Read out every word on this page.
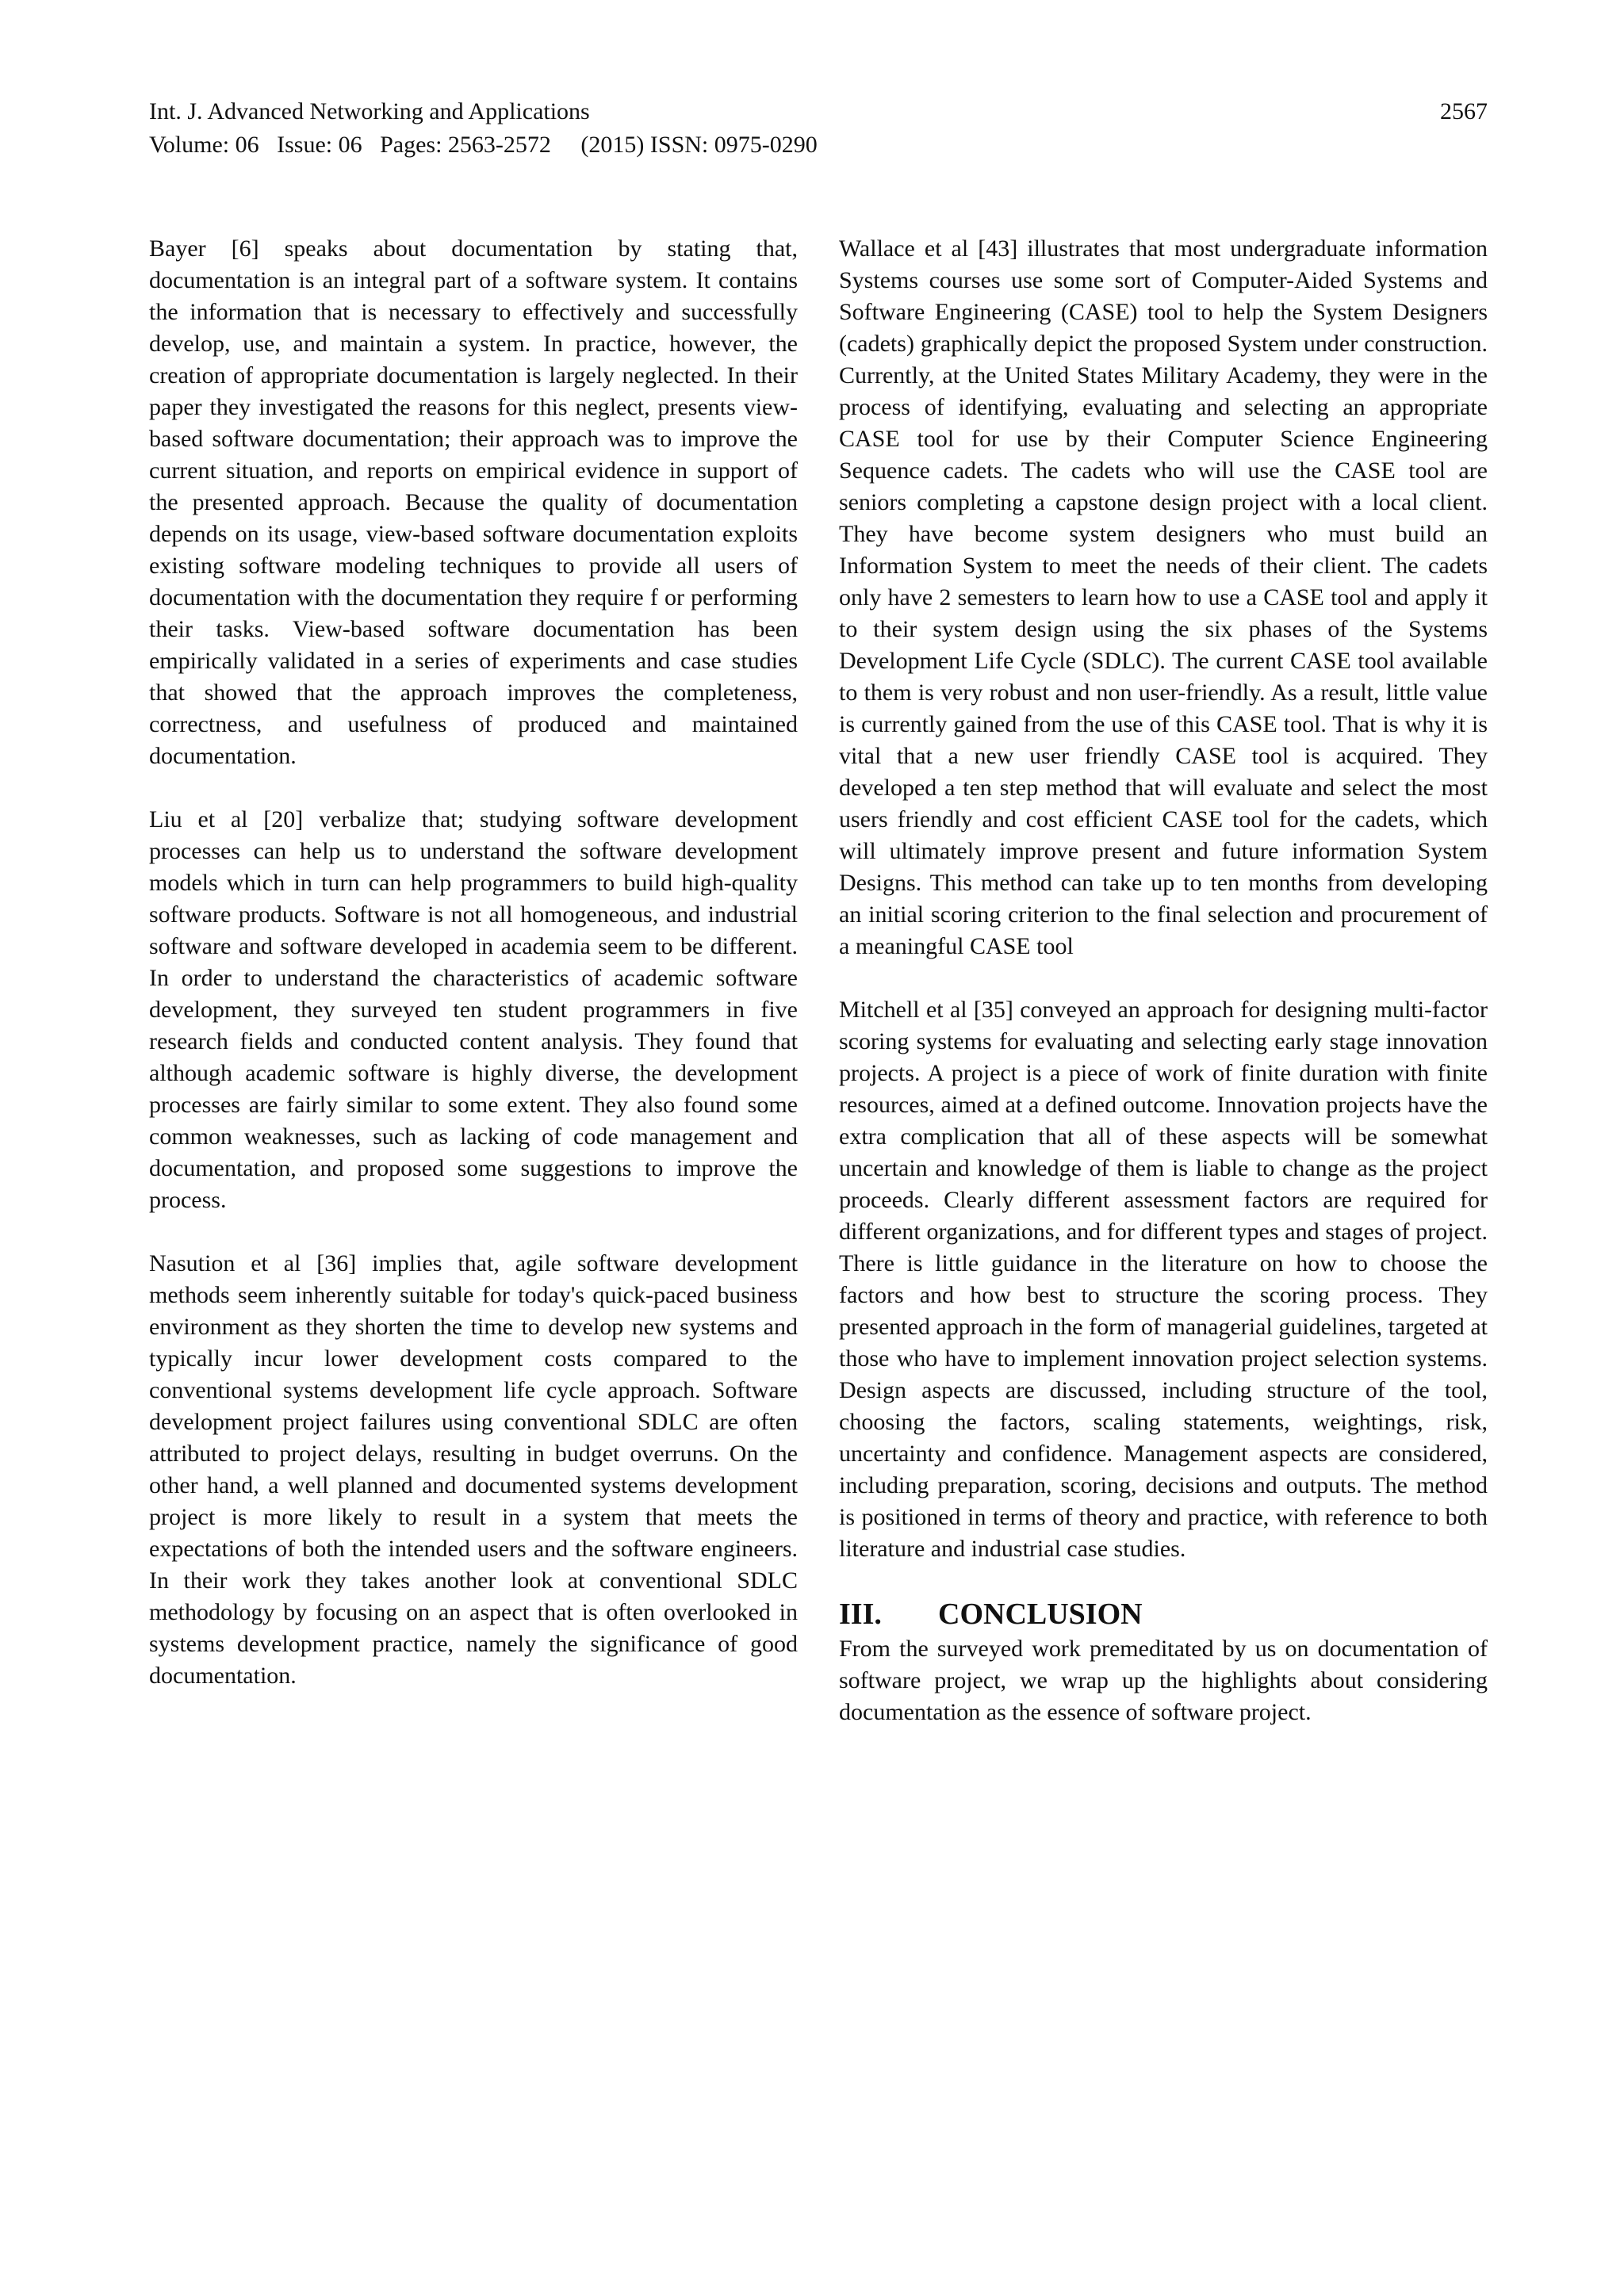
Int. J. Advanced Networking and Applications	2567
Volume: 06   Issue: 06   Pages: 2563-2572     (2015) ISSN: 0975-0290

Bayer [6] speaks about documentation by stating that, documentation is an integral part of a software system. It contains the information that is necessary to effectively and successfully develop, use, and maintain a system. In practice, however, the creation of appropriate documentation is largely neglected. In their paper they investigated the reasons for this neglect, presents view-based software documentation; their approach was to improve the current situation, and reports on empirical evidence in support of the presented approach. Because the quality of documentation depends on its usage, view-based software documentation exploits existing software modeling techniques to provide all users of documentation with the documentation they require f or performing their tasks. View-based software documentation has been empirically validated in a series of experiments and case studies that showed that the approach improves the completeness, correctness, and usefulness of produced and maintained documentation.

Liu et al [20] verbalize that; studying software development processes can help us to understand the software development models which in turn can help programmers to build high-quality software products. Software is not all homogeneous, and industrial software and software developed in academia seem to be different. In order to understand the characteristics of academic software development, they surveyed ten student programmers in five research fields and conducted content analysis. They found that although academic software is highly diverse, the development processes are fairly similar to some extent. They also found some common weaknesses, such as lacking of code management and documentation, and proposed some suggestions to improve the process.

Nasution et al [36] implies that, agile software development methods seem inherently suitable for today's quick-paced business environment as they shorten the time to develop new systems and typically incur lower development costs compared to the conventional systems development life cycle approach. Software development project failures using conventional SDLC are often attributed to project delays, resulting in budget overruns. On the other hand, a well planned and documented systems development project is more likely to result in a system that meets the expectations of both the intended users and the software engineers. In their work they takes another look at conventional SDLC methodology by focusing on an aspect that is often overlooked in systems development practice, namely the significance of good documentation.

Wallace et al [43] illustrates that most undergraduate information Systems courses use some sort of Computer-Aided Systems and Software Engineering (CASE) tool to help the System Designers (cadets) graphically depict the proposed System under construction. Currently, at the United States Military Academy, they were in the process of identifying, evaluating and selecting an appropriate CASE tool for use by their Computer Science Engineering Sequence cadets. The cadets who will use the CASE tool are seniors completing a capstone design project with a local client. They have become system designers who must build an Information System to meet the needs of their client. The cadets only have 2 semesters to learn how to use a CASE tool and apply it to their system design using the six phases of the Systems Development Life Cycle (SDLC). The current CASE tool available to them is very robust and non user-friendly. As a result, little value is currently gained from the use of this CASE tool. That is why it is vital that a new user friendly CASE tool is acquired. They developed a ten step method that will evaluate and select the most users friendly and cost efficient CASE tool for the cadets, which will ultimately improve present and future information System Designs. This method can take up to ten months from developing an initial scoring criterion to the final selection and procurement of a meaningful CASE tool

Mitchell et al [35] conveyed an approach for designing multi-factor scoring systems for evaluating and selecting early stage innovation projects. A project is a piece of work of finite duration with finite resources, aimed at a defined outcome. Innovation projects have the extra complication that all of these aspects will be somewhat uncertain and knowledge of them is liable to change as the project proceeds. Clearly different assessment factors are required for different organizations, and for different types and stages of project. There is little guidance in the literature on how to choose the factors and how best to structure the scoring process. They presented approach in the form of managerial guidelines, targeted at those who have to implement innovation project selection systems. Design aspects are discussed, including structure of the tool, choosing the factors, scaling statements, weightings, risk, uncertainty and confidence. Management aspects are considered, including preparation, scoring, decisions and outputs. The method is positioned in terms of theory and practice, with reference to both literature and industrial case studies.

III.	CONCLUSION

From the surveyed work premeditated by us on documentation of software project, we wrap up the highlights about considering documentation as the essence of software project.
